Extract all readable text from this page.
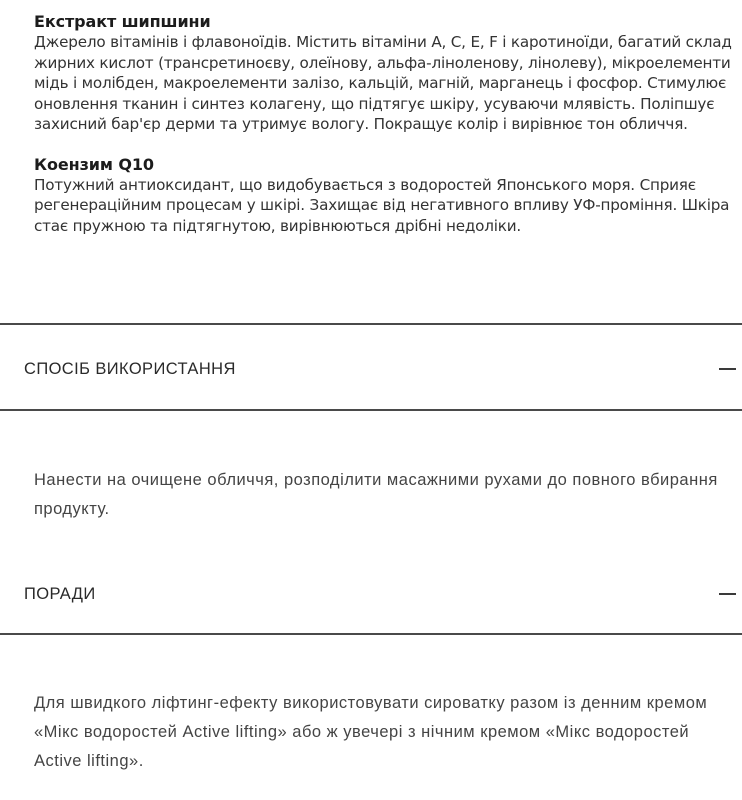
Екстракт шипшини
Джерело вітамінів і флавоноїдів. Містить вітаміни A, C, E, F і каротиноїди, багатий склад жирних кислот (трансретиноєву, олеїнову, альфа-ліноленову, лінолеву), мікроелементи мідь і молібден, макроелементи залізо, кальцій, магній, марганець і фосфор. Стимулює оновлення тканин і синтез колагену, що підтягує шкіру, усуваючи млявість. Поліпшує захисний бар'єр дерми та утримує вологу. Покращує колір і вирівнює тон обличчя.
Коензим Q10
Потужний антиоксидант, що видобувається з водоростей Японського моря. Сприяє регенераційним процесам у шкірі. Захищає від негативного впливу УФ-проміння. Шкіра стає пружною та підтягнутою, вирівнюються дрібні недоліки.
СПОСІБ ВИКОРИСТАННЯ
Нанести на очищене обличчя, розподілити масажними рухами до повного вбирання продукту.
ПОРАДИ
Для швидкого ліфтинг-ефекту використовувати сироватку разом із денним кремом «Мікс водоростей Active lifting» або ж увечері з нічним кремом «Мікс водоростей Active lifting».
